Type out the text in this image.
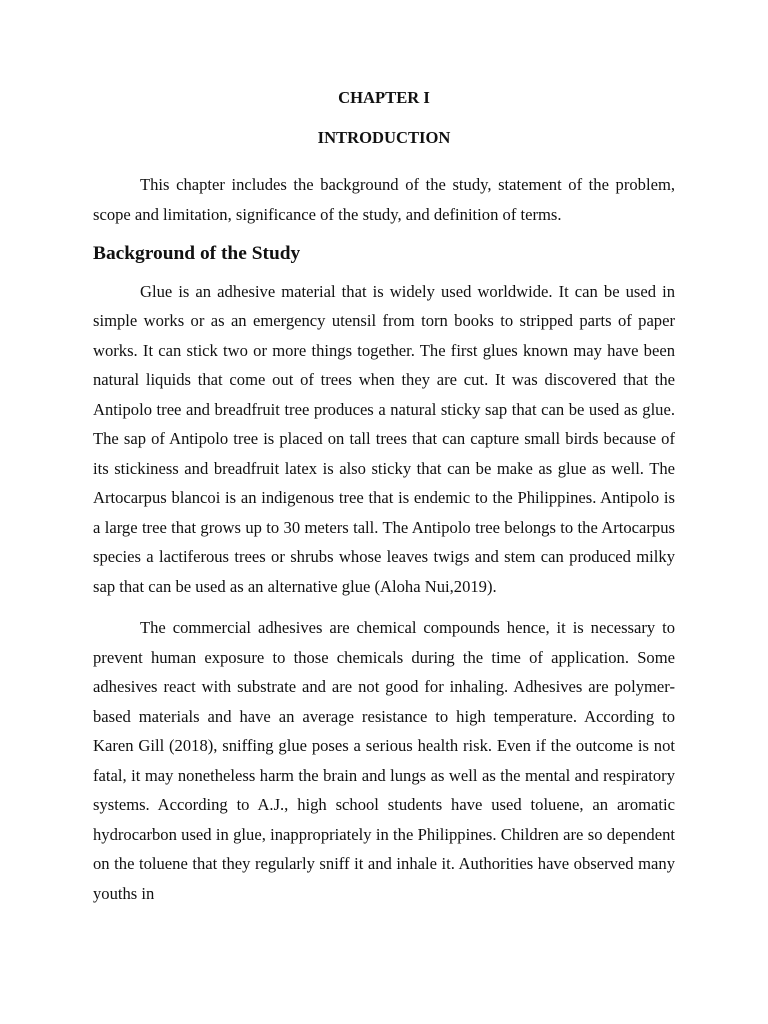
CHAPTER I
INTRODUCTION

This chapter includes the background of the study, statement of the problem, scope and limitation, significance of the study, and definition of terms.

Background of the Study

Glue is an adhesive material that is widely used worldwide. It can be used in simple works or as an emergency utensil from torn books to stripped parts of paper works. It can stick two or more things together. The first glues known may have been natural liquids that come out of trees when they are cut. It was discovered that the Antipolo tree and breadfruit tree produces a natural sticky sap that can be used as glue. The sap of Antipolo tree is placed on tall trees that can capture small birds because of its stickiness and breadfruit latex is also sticky that can be make as glue as well. The Artocarpus blancoi is an indigenous tree that is endemic to the Philippines. Antipolo is a large tree that grows up to 30 meters tall. The Antipolo tree belongs to the Artocarpus species a lactiferous trees or shrubs whose leaves twigs and stem can produced milky sap that can be used as an alternative glue (Aloha Nui,2019).

The commercial adhesives are chemical compounds hence, it is necessary to prevent human exposure to those chemicals during the time of application. Some adhesives react with substrate and are not good for inhaling. Adhesives are polymer-based materials and have an average resistance to high temperature. According to Karen Gill (2018), sniffing glue poses a serious health risk. Even if the outcome is not fatal, it may nonetheless harm the brain and lungs as well as the mental and respiratory systems. According to A.J., high school students have used toluene, an aromatic hydrocarbon used in glue, inappropriately in the Philippines. Children are so dependent on the toluene that they regularly sniff it and inhale it. Authorities have observed many youths in
